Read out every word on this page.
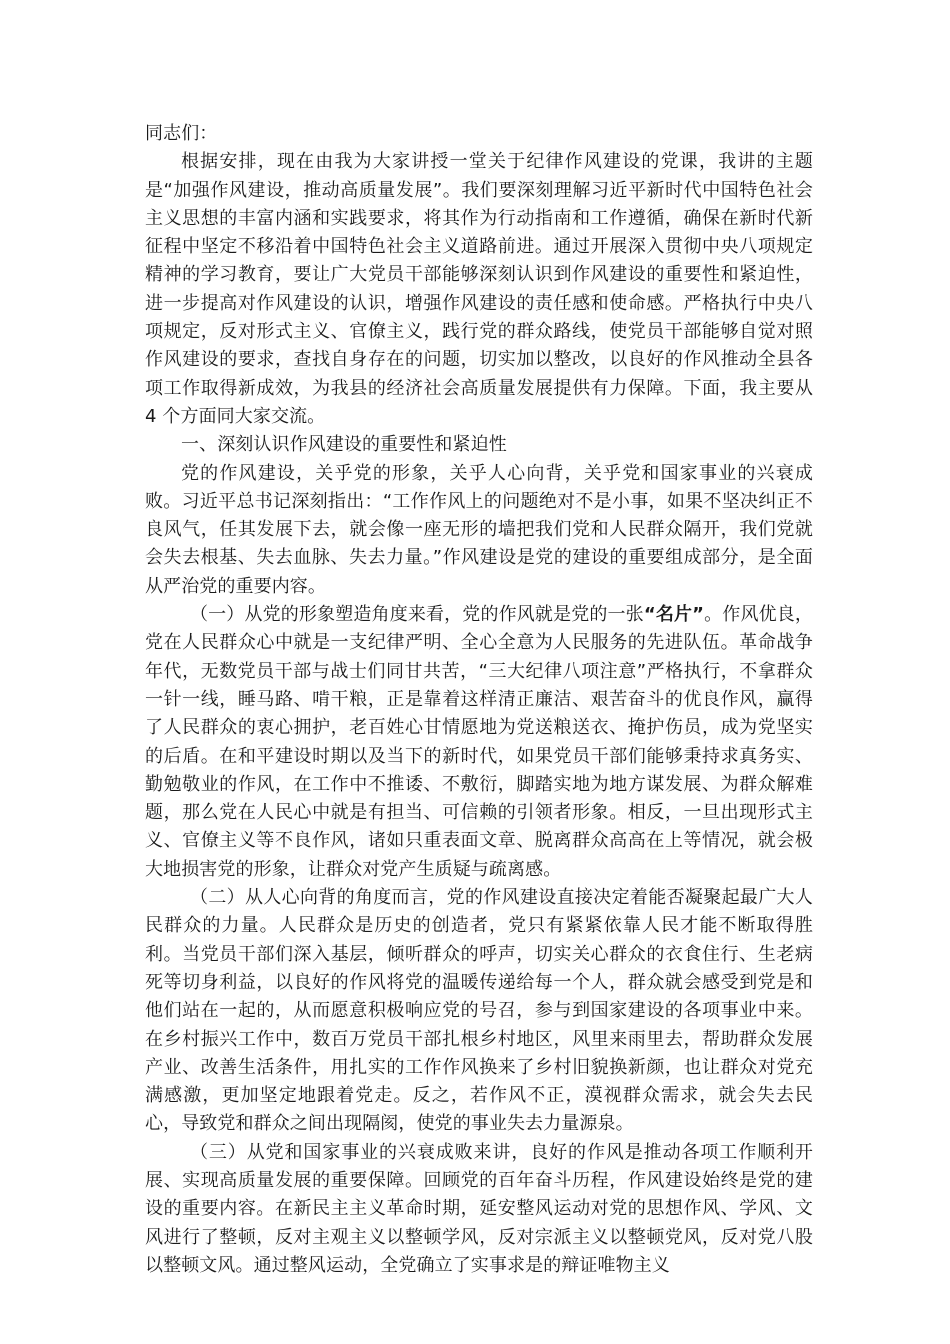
同志们：

根据安排，现在由我为大家讲授一堂关于纪律作风建设的党课，我讲的主题是“加强作风建设，推动高质量发展”。我们要深刻理解习近平新时代中国特色社会主义思想的丰富内涵和实践要求，将其作为行动指南和工作遵循，确保在新时代新征程中坚定不移沿着中国特色社会主义道路前进。通过开展深入贯彻中央八项规定精神的学习教育，要让广大党员干部能够深刻认识到作风建设的重要性和紧迫性，进一步提高对作风建设的认识，增强作风建设的责任感和使命感。严格执行中央八项规定，反对形式主义、官僚主义，践行党的群众路线，使党员干部能够自觉对照作风建设的要求，查找自身存在的问题，切实加以整改，以良好的作风推动全县各项工作取得新成效，为我县的经济社会高质量发展提供有力保障。下面，我主要从 4 个方面同大家交流。

一、深刻认识作风建设的重要性和紧迫性

党的作风建设，关乎党的形象，关乎人心向背，关乎党和国家事业的兴衰成败。习近平总书记深刻指出：“工作作风上的问题绝对不是小事，如果不坚决纠正不良风气，任其发展下去，就会像一座无形的墙把我们党和人民群众隔开，我们党就会失去根基、失去血脉、失去力量。”作风建设是党的建设的重要组成部分，是全面从严治党的重要内容。

（一）从党的形象塑造角度来看，党的作风就是党的一张“名片”。作风优良，党在人民群众心中就是一支纪律严明、全心全意为人民服务的先进队伍。革命战争年代，无数党员干部与战士们同甘共苦，“三大纪律八项注意”严格执行，不拿群众一针一线，睡马路、啃干粮，正是靠着这样清正廉洁、艰苦奋斗的优良作风，赢得了人民群众的衷心拥护，老百姓心甘情愿地为党送粮送衣、掩护伤员，成为党坚实的后盾。在和平建设时期以及当下的新时代，如果党员干部们能够秉持求真务实、勤勉敬业的作风，在工作中不推诿、不敷衍，脚踏实地为地方谋发展、为群众解难题，那么党在人民心中就是有担当、可信赖的引领者形象。相反，一旦出现形式主义、官僚主义等不良作风，诸如只重表面文章、脱离群众高高在上等情况，就会极大地损害党的形象，让群众对党产生质疑与疏离感。

（二）从人心向背的角度而言，党的作风建设直接决定着能否凝聚起最广大人民群众的力量。人民群众是历史的创造者，党只有紧紧依靠人民才能不断取得胜利。当党员干部们深入基层，倾听群众的呼声，切实关心群众的衣食住行、生老病死等切身利益，以良好的作风将党的温暖传递给每一个人，群众就会感受到党是和他们站在一起的，从而愿意积极响应党的号召，参与到国家建设的各项事业中来。在乡村振兴工作中，数百万党员干部扎根乡村地区，风里来雨里去，帮助群众发展产业、改善生活条件，用扎实的工作作风换来了乡村旧貌换新颜，也让群众对党充满感激，更加坚定地跟着党走。反之，若作风不正，漠视群众需求，就会失去民心，导致党和群众之间出现隔阂，使党的事业失去力量源泉。

（三）从党和国家事业的兴衰成败来讲，良好的作风是推动各项工作顺利开展、实现高质量发展的重要保障。回顾党的百年奋斗历程，作风建设始终是党的建设的重要内容。在新民主主义革命时期，延安整风运动对党的思想作风、学风、文风进行了整顿，反对主观主义以整顿学风，反对宗派主义以整顿党风，反对党八股以整顿文风。通过整风运动，全党确立了实事求是的辩证唯物主义
